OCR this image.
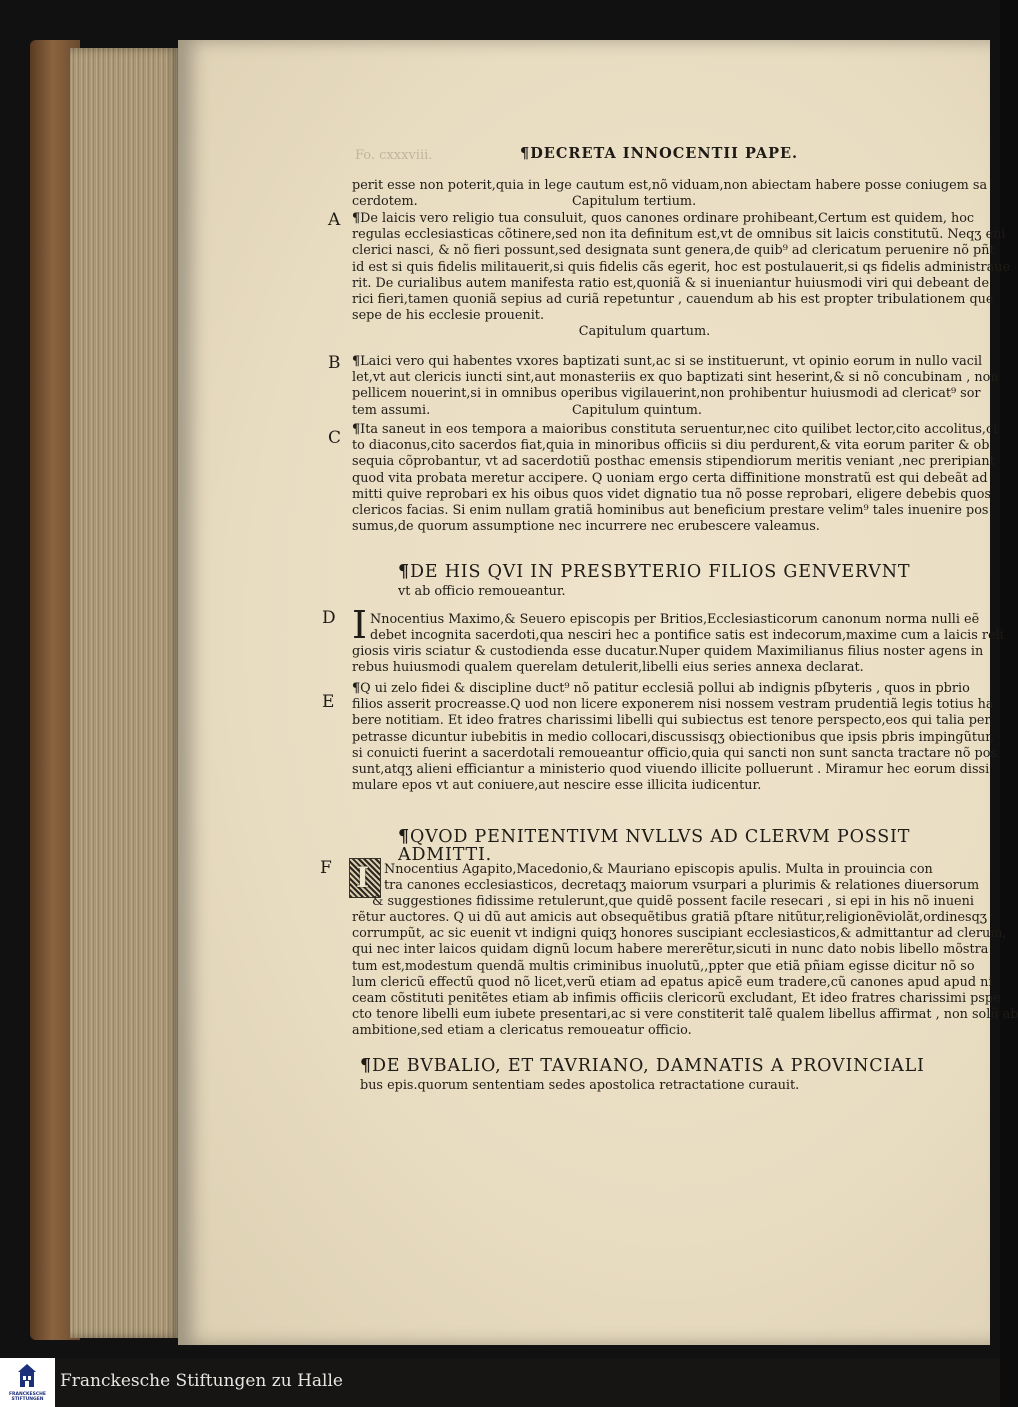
Fo. cxxxviii.	¶DECRETA INNOCENTII PAPE.
perit esse non poterit,quia in lege cautum est,nõ viduam,non abiectam habere posse coniugem sa
cerdotem.	Capitulum tertium.
A ¶De laicis vero religio tua consuluit, quos canones ordinare prohibeant,Certum est quidem, hoc
regulas ecclesiasticas cõtinere,sed non ita definitum est,vt de omnibus sit laicis constitutũ. Neqʒ eni
clerici nasci, & nõ fieri possunt,sed designata sunt genera,de quib⁹ ad clericatum peruenire nõ pñt
id est si quis fidelis militauerit,si quis fidelis cãs egerit, hoc est postulauerit,si qs fidelis administraue
rit. De curialibus autem manifesta ratio est,quoniã & si inueniantur huiusmodi viri qui debeant de
rici fieri,tamen quoniã sepius ad curiã repetuntur , cauendum ab his est propter tribulationem que
sepe de his ecclesie prouenit.
Capitulum quartum.
B ¶Laici vero qui habentes vxores baptizati sunt,ac si se instituerunt, vt opinio eorum in nullo vacil
let,vt aut clericis iuncti sint,aut monasteriis ex quo baptizati sint heserint,& si nõ concubinam , non
pellicem nouerint,si in omnibus operibus vigilauerint,non prohibentur huiusmodi ad clericat⁹ sor
tem assumi.	Capitulum quintum.
C ¶Ita saneut in eos tempora a maioribus constituta seruentur,nec cito quilibet lector,cito accolitus,ci
to diaconus,cito sacerdos fiat,quia in minoribus officiis si diu perdurent,& vita eorum pariter & ob
sequia cõprobantur, vt ad sacerdotiũ posthac emensis stipendiorum meritis veniant ,nec preripiant
quod vita probata meretur accipere. Q uoniam ergo certa diffinitione monstratũ est qui debeãt ad
mitti quive reprobari ex his oibus quos videt dignatio tua nõ posse reprobari, eligere debebis quos
clericos facias. Si enim nullam gratiã hominibus aut beneficium prestare velim⁹ tales inuenire pos
sumus,de quorum assumptione nec incurrere nec erubescere valeamus.
¶DE HIS QVI IN PRESBYTERIO FILIOS GENVERVNT
vt ab officio remoueantur.
D I Nnocentius Maximo,& Seuero episcopis per Britios,Ecclesiasticorum canonum norma nulli eẽ
debet incognita sacerdoti,qua nesciri hec a pontifice satis est indecorum,maxime cum a laicis reli
giosis viris sciatur & custodienda esse ducatur.Nuper quidem Maximilianus filius noster agens in
rebus huiusmodi qualem querelam detulerit,libelli eius series annexa declarat.
E
¶Q ui zelo fidei & discipline duct⁹ nõ patitur ecclesiã pollui ab indignis pſbyteris , quos in pbrio
filios asserit procreasse.Q uod non licere exponerem nisi nossem vestram prudentiã legis totius ha
bere notitiam. Et ideo fratres charissimi libelli qui subiectus est tenore perspecto,eos qui talia per
petrasse dicuntur iubebitis in medio collocari,discussisqʒ obiectionibus que ipsis pbris impingũtur,
si conuicti fuerint a sacerdotali remoueantur officio,quia qui sancti non sunt sancta tractare nõ pos
sunt,atqʒ alieni efficiantur a ministerio quod viuendo illicite polluerunt . Miramur hec eorum dissi
mulare epos vt aut coniuere,aut nescire esse illicita iudicentur.
¶QVOD PENITENTIVM NVLLVS AD CLERVM POSSIT
ADMITTI.
F I Nnocentius Agapito,Macedonio,& Mauriano episcopis apulis. Multa in prouincia con
tra canones ecclesiasticos, decretaqʒ maiorum vsurpari a plurimis & relationes diuersorum
& suggestiones fidissime retulerunt,que quidẽ possent facile resecari , si epi in his nõ inueni
rẽtur auctores. Q ui dũ aut amicis aut obsequẽtibus gratiã pſtare nitũtur,religionẽviolãt,ordinesqʒ
corrumpũt, ac sic euenit vt indigni quiqʒ honores suscipiant ecclesiasticos,& admittantur ad clerum,
qui nec inter laicos quidam dignũ locum habere mererẽtur,sicuti in nunc dato nobis libello mõstra
tum est,modestum quendã multis criminibus inuolutũ,,ppter que etiã pñiam egisse dicitur nõ so
lum clericũ effectũ quod nõ licet,verũ etiam ad epatus apicẽ eum tradere,cũ canones apud apud ni
ceam cõstituti penitẽtes etiam ab infimis officiis clericorũ excludant, Et ideo fratres charissimi pspe
cto tenore libelli eum iubete presentari,ac si vere constiterit talẽ qualem libellus affirmat , non solũ ab
ambitione,sed etiam a clericatus remoueatur officio.
¶DE BVBALIO, ET TAVRIANO, DAMNATIS A PROVINCIALI
bus epis.quorum sententiam sedes apostolica retractatione curauit.
FRANCKESCHE
STIFTUNGEN
Franckesche Stiftungen zu Halle
